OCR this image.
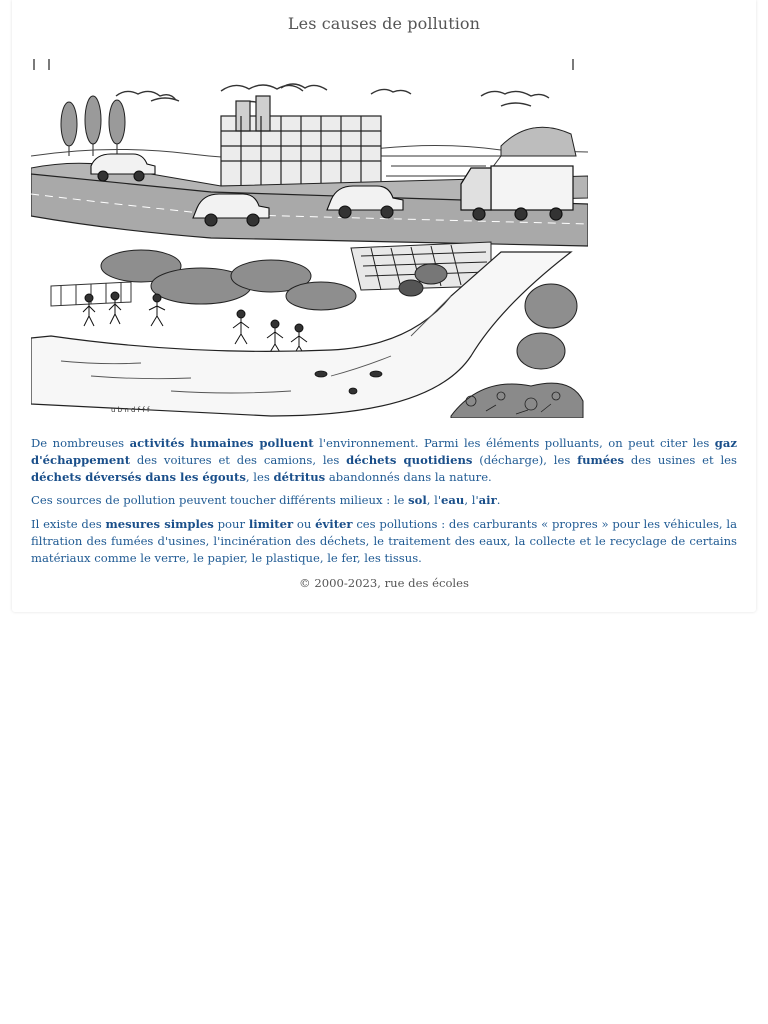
Les causes de pollution
u b n d f f f
De nombreuses activités humaines polluent l'environnement. Parmi les éléments polluants, on peut citer les gaz d'échappement des voitures et des camions, les déchets quotidiens (décharge), les fumées des usines et les déchets déversés dans les égouts, les détritus abandonnés dans la nature.
Ces sources de pollution peuvent toucher différents milieux : le sol, l'eau, l'air.
Il existe des mesures simples pour limiter ou éviter ces pollutions : des carburants « propres » pour les véhicules, la filtration des fumées d'usines, l'incinération des déchets, le traitement des eaux, la collecte et le recyclage de certains matériaux comme le verre, le papier, le plastique, le fer, les tissus.
© 2000-2023, rue des écoles
